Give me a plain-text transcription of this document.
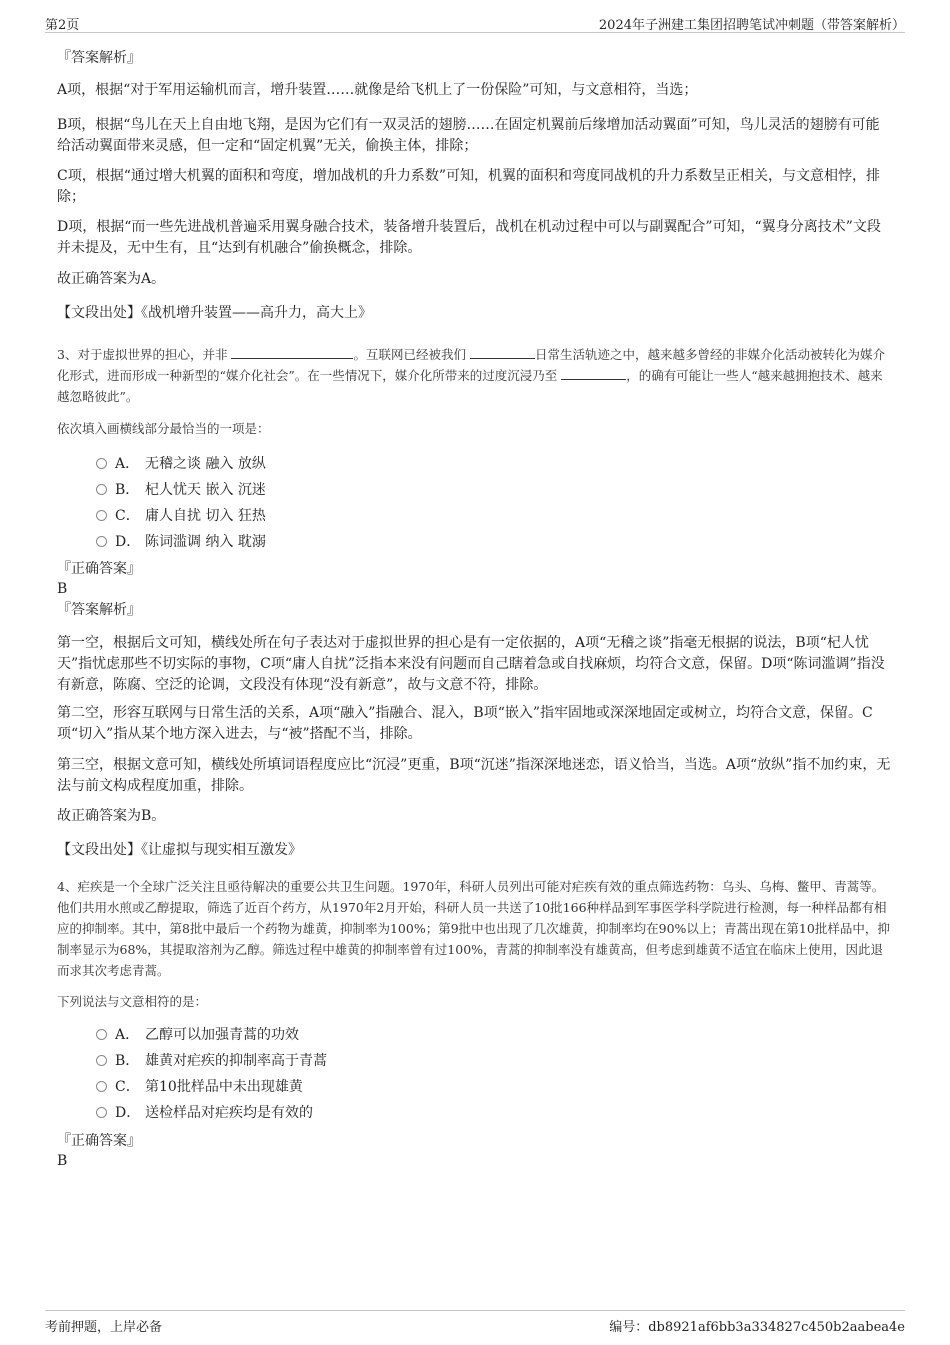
第2页	2024年子洲建工集团招聘笔试冲刺题（带答案解析）
『答案解析』
A项，根据“对于军用运输机而言，增升装置……就像是给飞机上了一份保险”可知，与文意相符，当选；
B项，根据“鸟儿在天上自由地飞翔，是因为它们有一双灵活的翅膀……在固定机翼前后缘增加活动翼面”可知，鸟儿灵活的翅膀有可能给活动翼面带来灵感，但一定和“固定机翼”无关，偷换主体，排除；
C项，根据“通过增大机翼的面积和弯度，增加战机的升力系数”可知，机翼的面积和弯度同战机的升力系数呈正相关，与文意相悖，排除；
D项，根据“而一些先进战机普遍采用翼身融合技术，装备增升装置后，战机在机动过程中可以与副翼配合”可知，“翼身分离技术”文段并未提及，无中生有，且“达到有机融合”偷换概念，排除。
故正确答案为A。
【文段出处】《战机增升装置——高升力，高大上》
3、对于虚拟世界的担心，并非	。互联网已经被我们	日常生活轨迹之中，越来越多曾经的非媒介化活动被转化为媒介化形式，进而形成一种新型的“媒介化社会”。在一些情况下，媒介化所带来的过度沉浸乃至	，的确有可能让一些人“越来越拥抱技术、越来越忽略彼此”。
依次填入画横线部分最恰当的一项是：
A． 无稽之谈 融入 放纵
B． 杞人忧天 嵌入 沉迷
C． 庸人自扰 切入 狂热
D． 陈词滥调 纳入 耽溺
『正确答案』
B
『答案解析』
第一空，根据后文可知，横线处所在句子表达对于虚拟世界的担心是有一定依据的，A项“无稽之谈”指毫无根据的说法，B项“杞人忧天”指忧虑那些不切实际的事物，C项“庸人自扰”泛指本来没有问题而自己瞎着急或自找麻烦，均符合文意，保留。D项“陈词滥调”指没有新意，陈腐、空泛的论调，文段没有体现“没有新意”，故与文意不符，排除。
第二空，形容互联网与日常生活的关系，A项“融入”指融合、混入，B项“嵌入”指牢固地或深深地固定或树立，均符合文意，保留。C项“切入”指从某个地方深入进去，与“被”搭配不当，排除。
第三空，根据文意可知，横线处所填词语程度应比“沉浸”更重，B项“沉迷”指深深地迷恋，语义恰当，当选。A项“放纵”指不加约束，无法与前文构成程度加重，排除。
故正确答案为B。
【文段出处】《让虚拟与现实相互激发》
4、疟疾是一个全球广泛关注且亟待解决的重要公共卫生问题。1970年，科研人员列出可能对疟疾有效的重点筛选药物：乌头、乌梅、鳖甲、青蒿等。他们共用水煎或乙醇提取，筛选了近百个药方，从1970年2月开始，科研人员一共送了10批166种样品到军事医学科学院进行检测，每一种样品都有相应的抑制率。其中，第8批中最后一个药物为雄黄，抑制率为100%；第9批中也出现了几次雄黄，抑制率均在90%以上；青蒿出现在第10批样品中，抑制率显示为68%，其提取溶剂为乙醇。筛选过程中雄黄的抑制率曾有过100%，青蒿的抑制率没有雄黄高，但考虑到雄黄不适宜在临床上使用，因此退而求其次考虑青蒿。
下列说法与文意相符的是：
A． 乙醇可以加强青蒿的功效
B． 雄黄对疟疾的抑制率高于青蒿
C． 第10批样品中未出现雄黄
D． 送检样品对疟疾均是有效的
『正确答案』
B
考前押题，上岸必备	编号：db8921af6bb3a334827c450b2aabea4e
